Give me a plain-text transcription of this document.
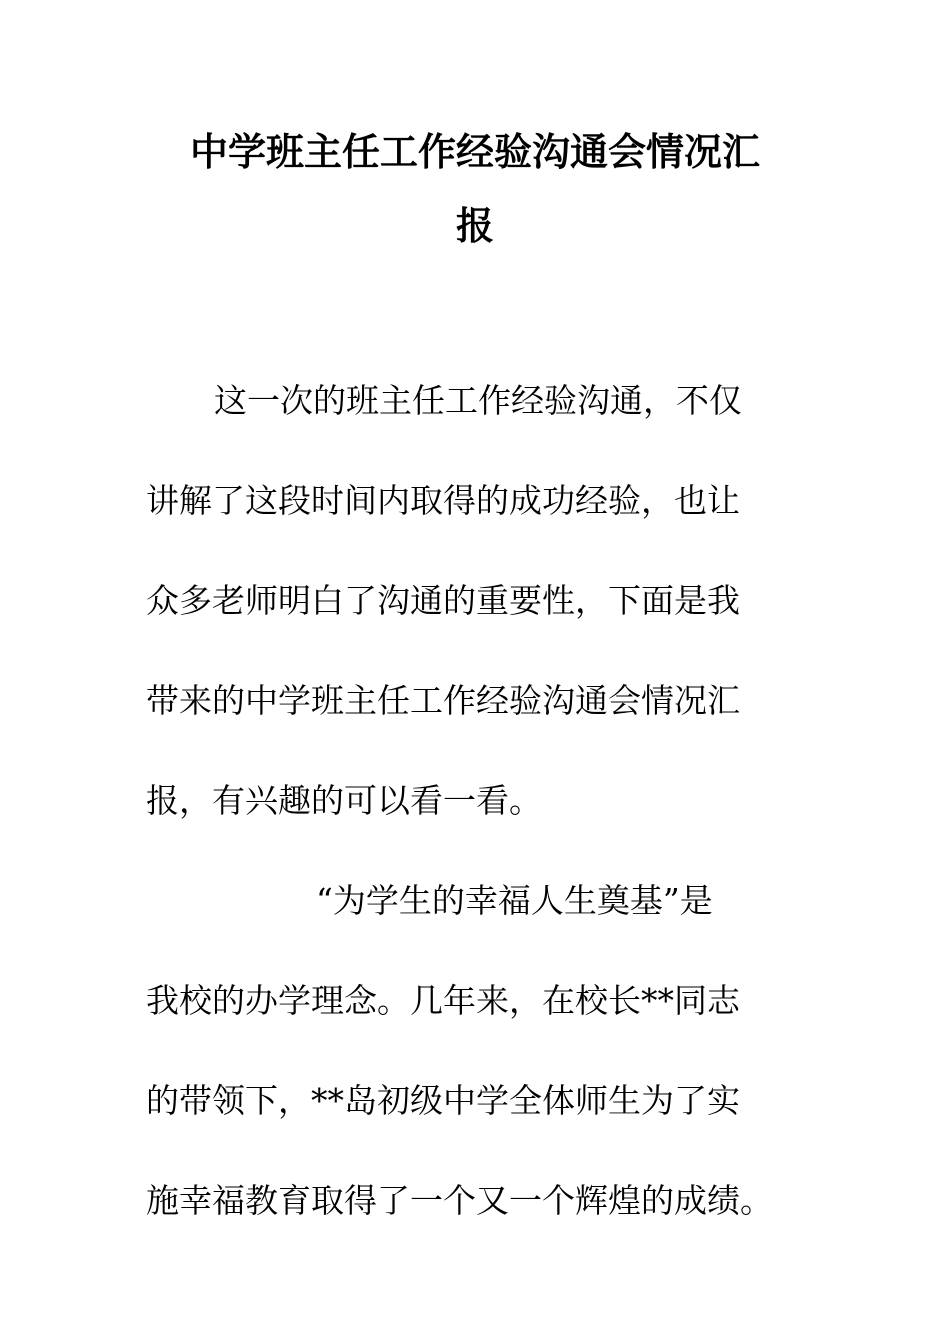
中学班主任工作经验沟通会情况汇
报

这一次的班主任工作经验沟通，不仅

讲解了这段时间内取得的成功经验，也让

众多老师明白了沟通的重要性，下面是我

带来的中学班主任工作经验沟通会情况汇

报，有兴趣的可以看一看。

“为学生的幸福人生奠基”是

我校的办学理念。几年来，在校长**同志

的带领下，**岛初级中学全体师生为了实

施幸福教育取得了一个又一个辉煌的成绩。
